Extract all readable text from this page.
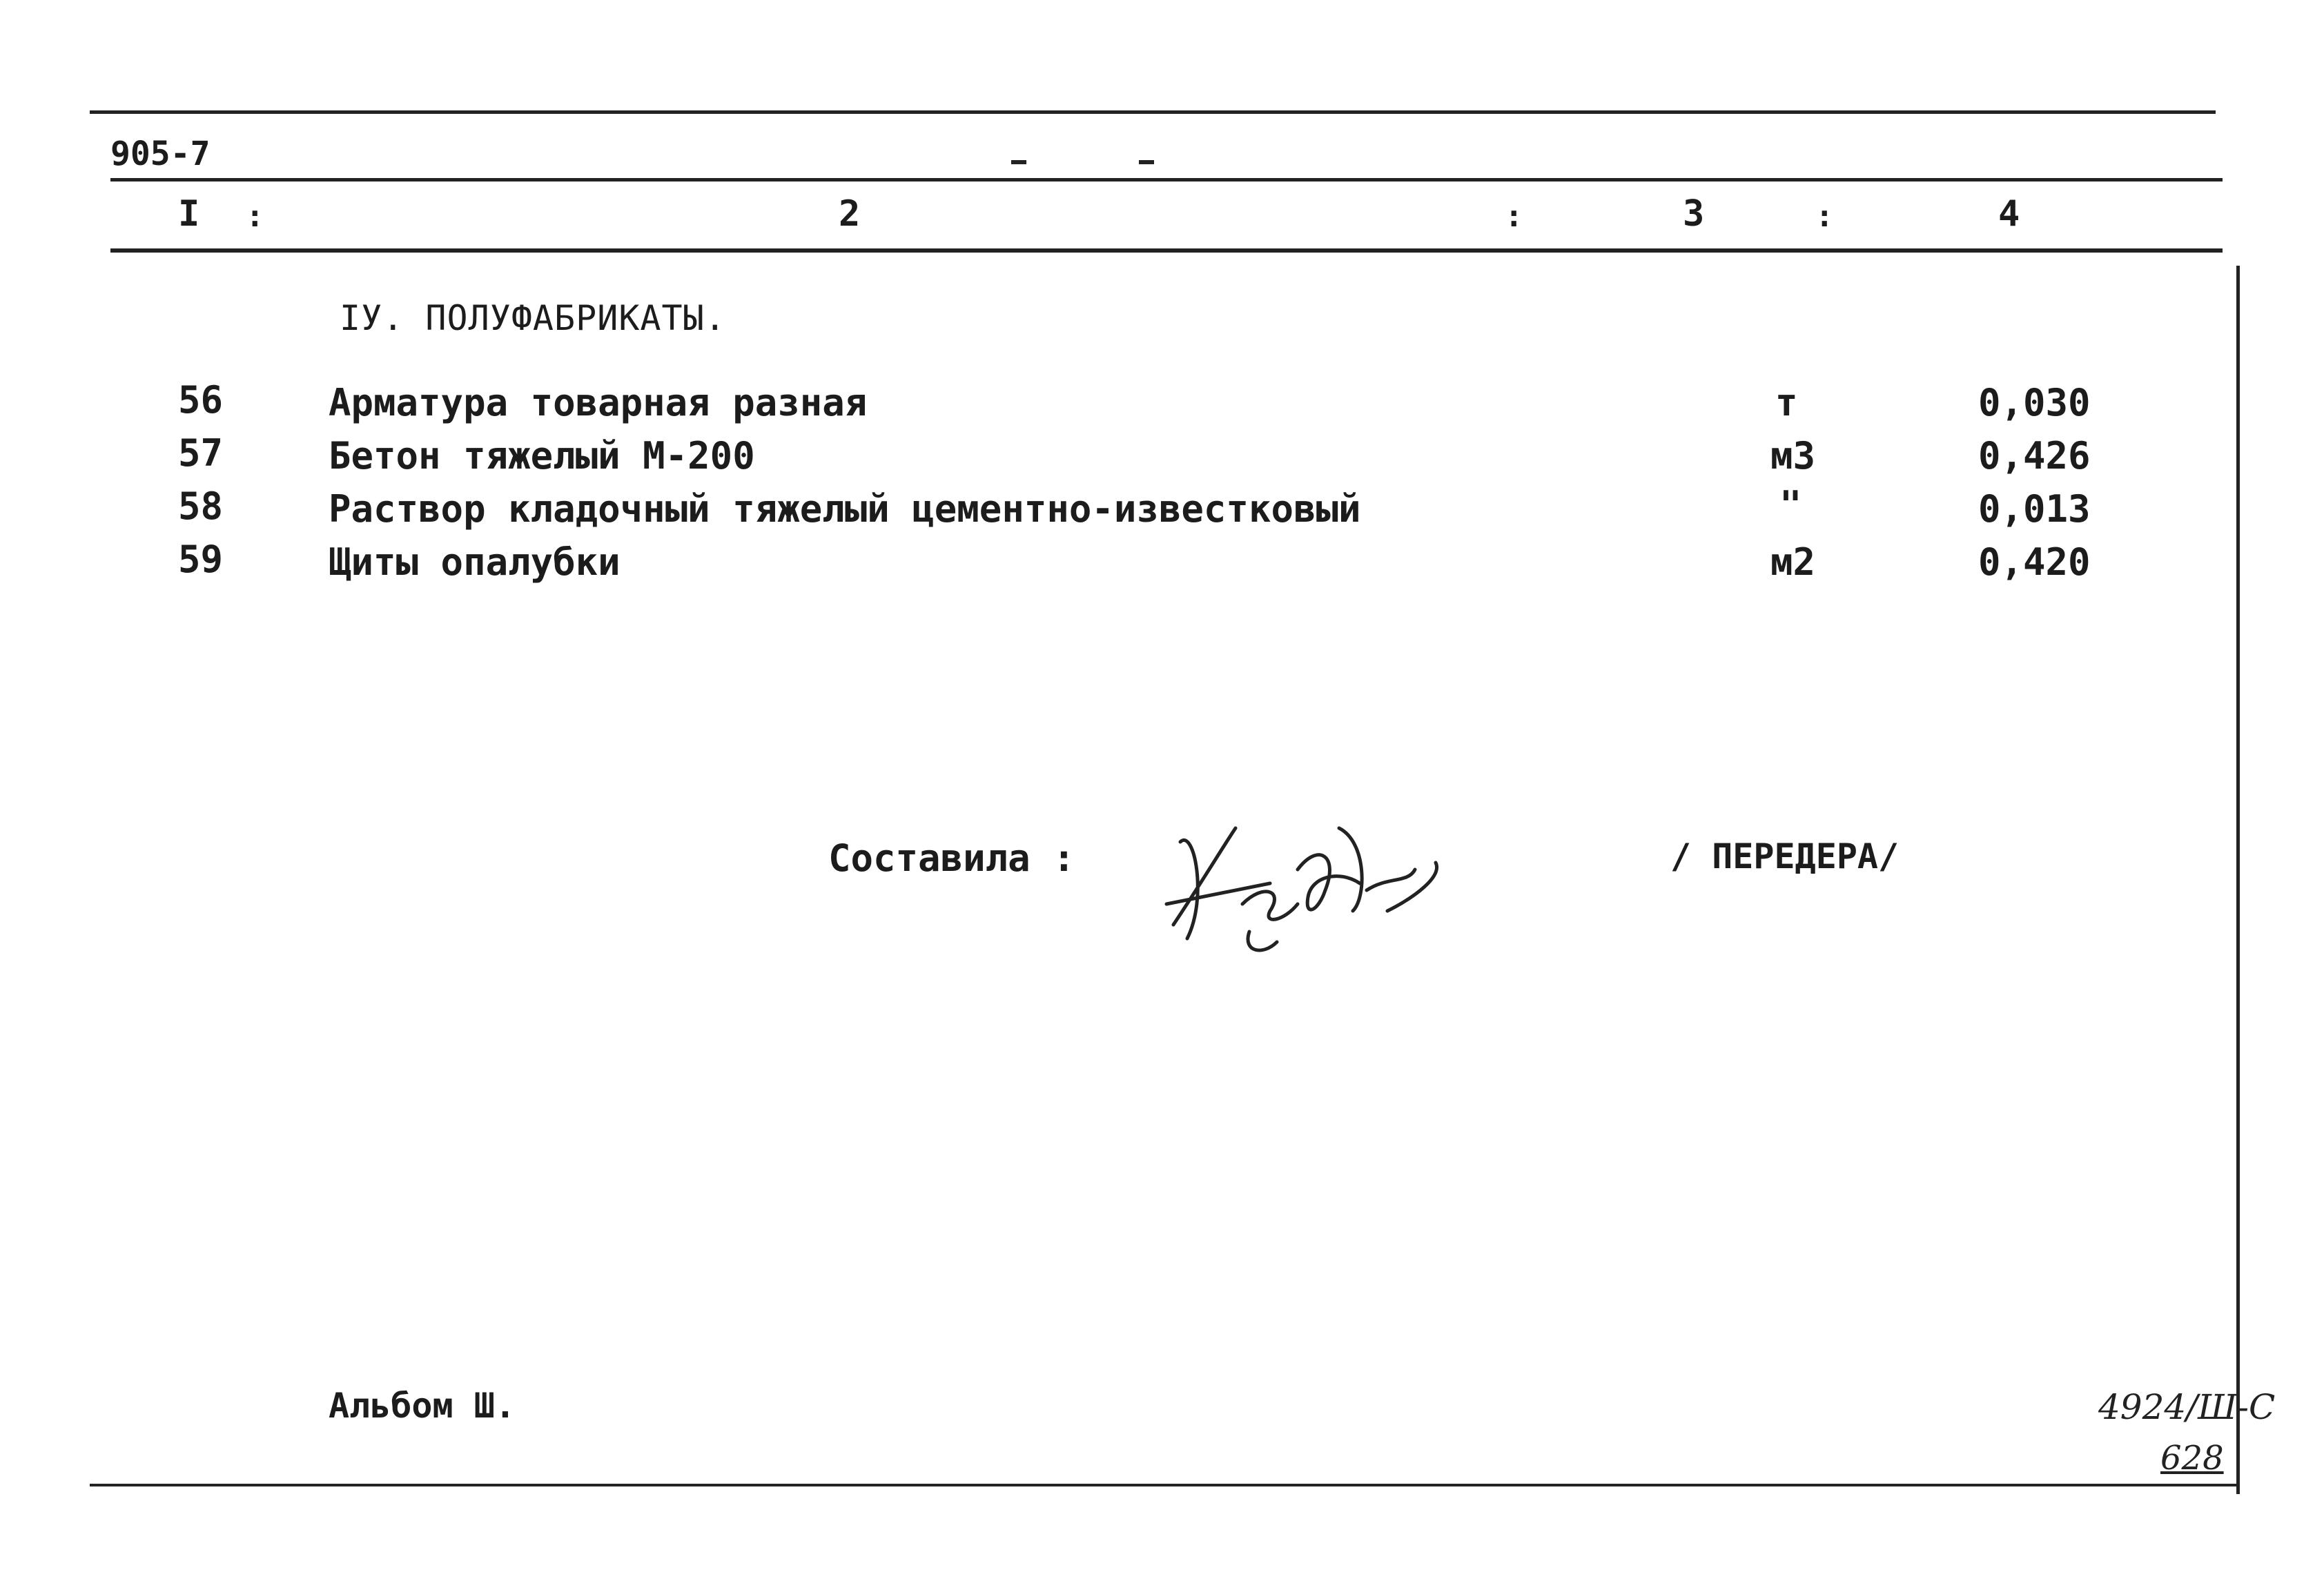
905-7
I :	2	:	3	:	4
IУ. ПОЛУФАБРИКАТЫ.
56	Арматура товарная разная	т	0,030
57	Бетон тяжелый М-200	м3	0,426
58	Раствор кладочный тяжелый цементно-известковый	"	0,013
59	Щиты опалубки	м2	0,420
Составила :	/ ПЕРЕДЕРА/
Альбом Ш.	4924/Ш-С
628
